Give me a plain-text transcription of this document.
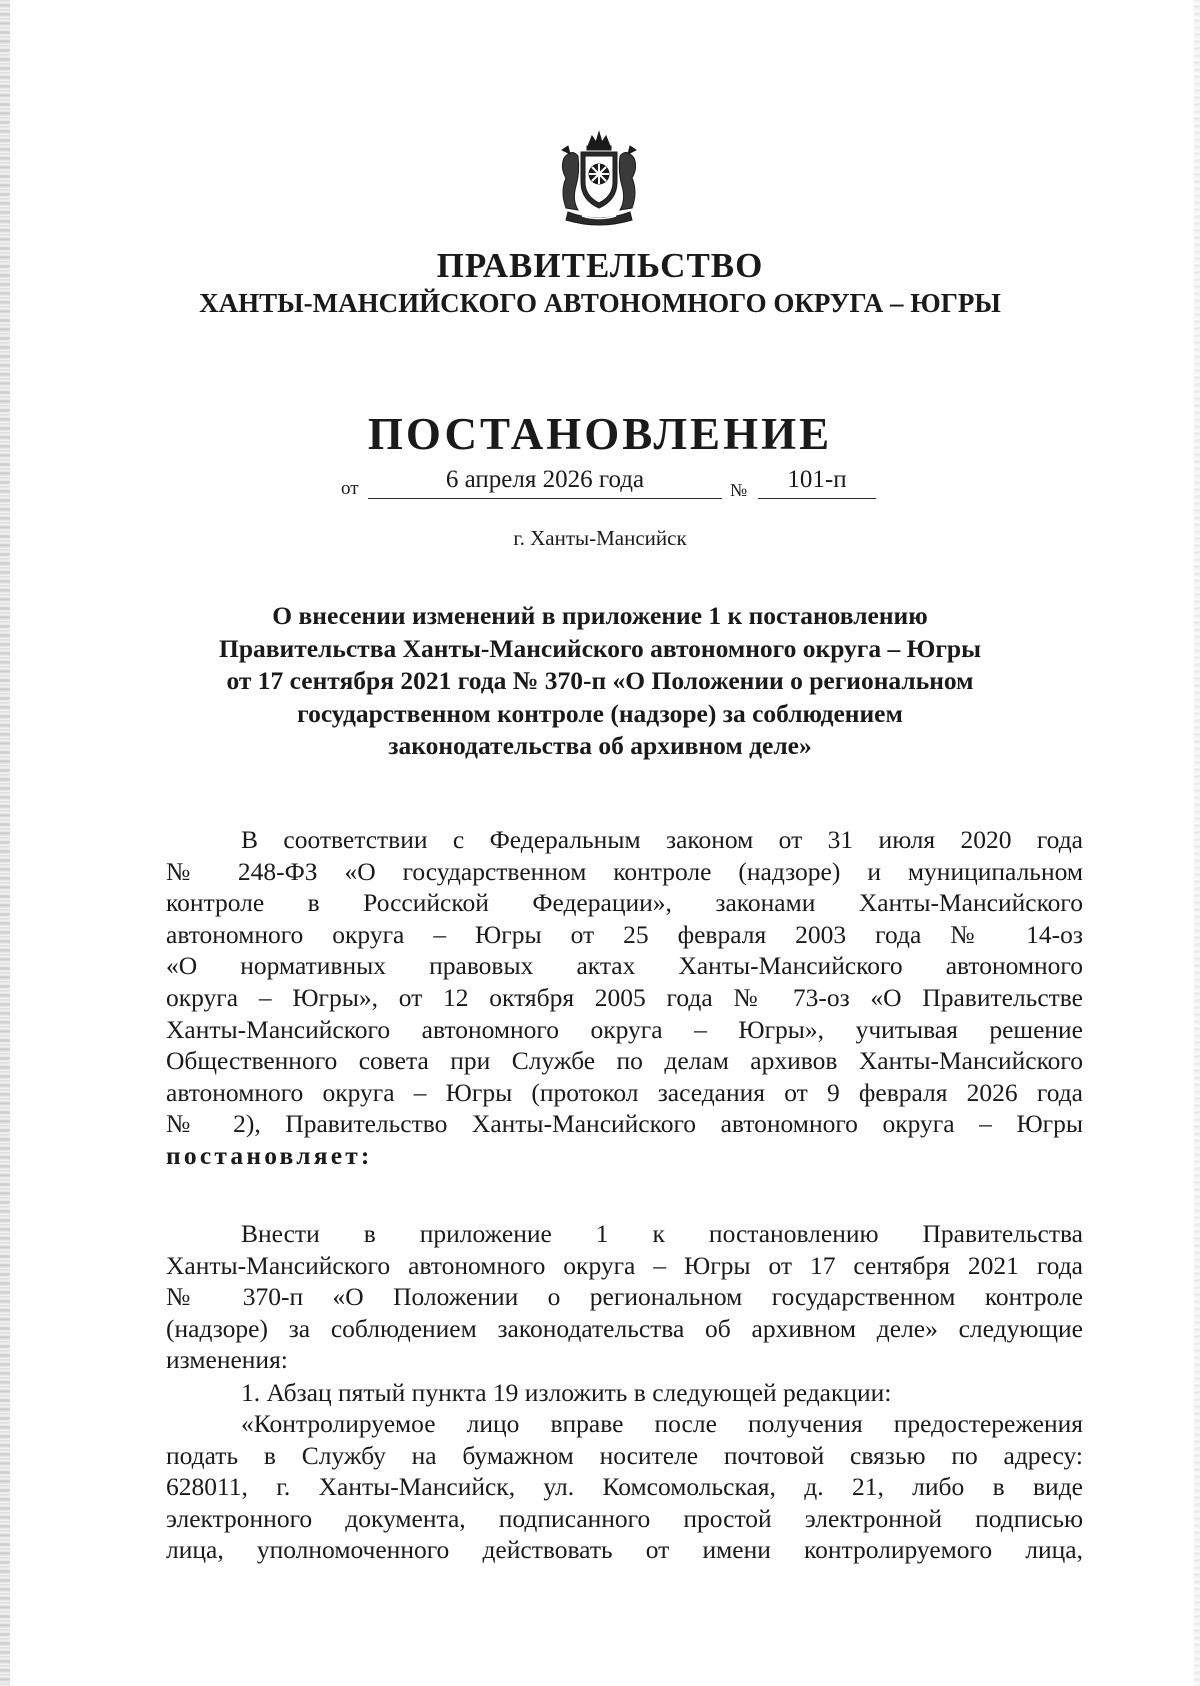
ПРАВИТЕЛЬСТВО
ХАНТЫ-МАНСИЙСКОГО АВТОНОМНОГО ОКРУГА – ЮГРЫ
ПОСТАНОВЛЕНИЕ
от	6 апреля 2026 года	№	101-п
г. Ханты-Мансийск
О внесении изменений в приложение 1 к постановлению
Правительства Ханты-Мансийского автономного округа – Югры
от 17 сентября 2021 года № 370-п «О Положении о региональном
государственном контроле (надзоре) за соблюдением
законодательства об архивном деле»
В соответствии с Федеральным законом от 31 июля 2020 года
№ 248-ФЗ «О государственном контроле (надзоре) и муниципальном
контроле в Российской Федерации», законами Ханты-Мансийского
автономного округа – Югры от 25 февраля 2003 года № 14-оз
«О нормативных правовых актах Ханты-Мансийского автономного
округа – Югры», от 12 октября 2005 года № 73-оз «О Правительстве
Ханты-Мансийского автономного округа – Югры», учитывая решение
Общественного совета при Службе по делам архивов Ханты-Мансийского
автономного округа – Югры (протокол заседания от 9 февраля 2026 года
№ 2), Правительство Ханты-Мансийского автономного округа – Югры
постановляет:
Внести в приложение 1 к постановлению Правительства
Ханты-Мансийского автономного округа – Югры от 17 сентября 2021 года
№ 370-п «О Положении о региональном государственном контроле
(надзоре) за соблюдением законодательства об архивном деле» следующие
изменения:
1. Абзац пятый пункта 19 изложить в следующей редакции:
«Контролируемое лицо вправе после получения предостережения
подать в Службу на бумажном носителе почтовой связью по адресу:
628011, г. Ханты-Мансийск, ул. Комсомольская, д. 21, либо в виде
электронного документа, подписанного простой электронной подписью
лица, уполномоченного действовать от имени контролируемого лица,
